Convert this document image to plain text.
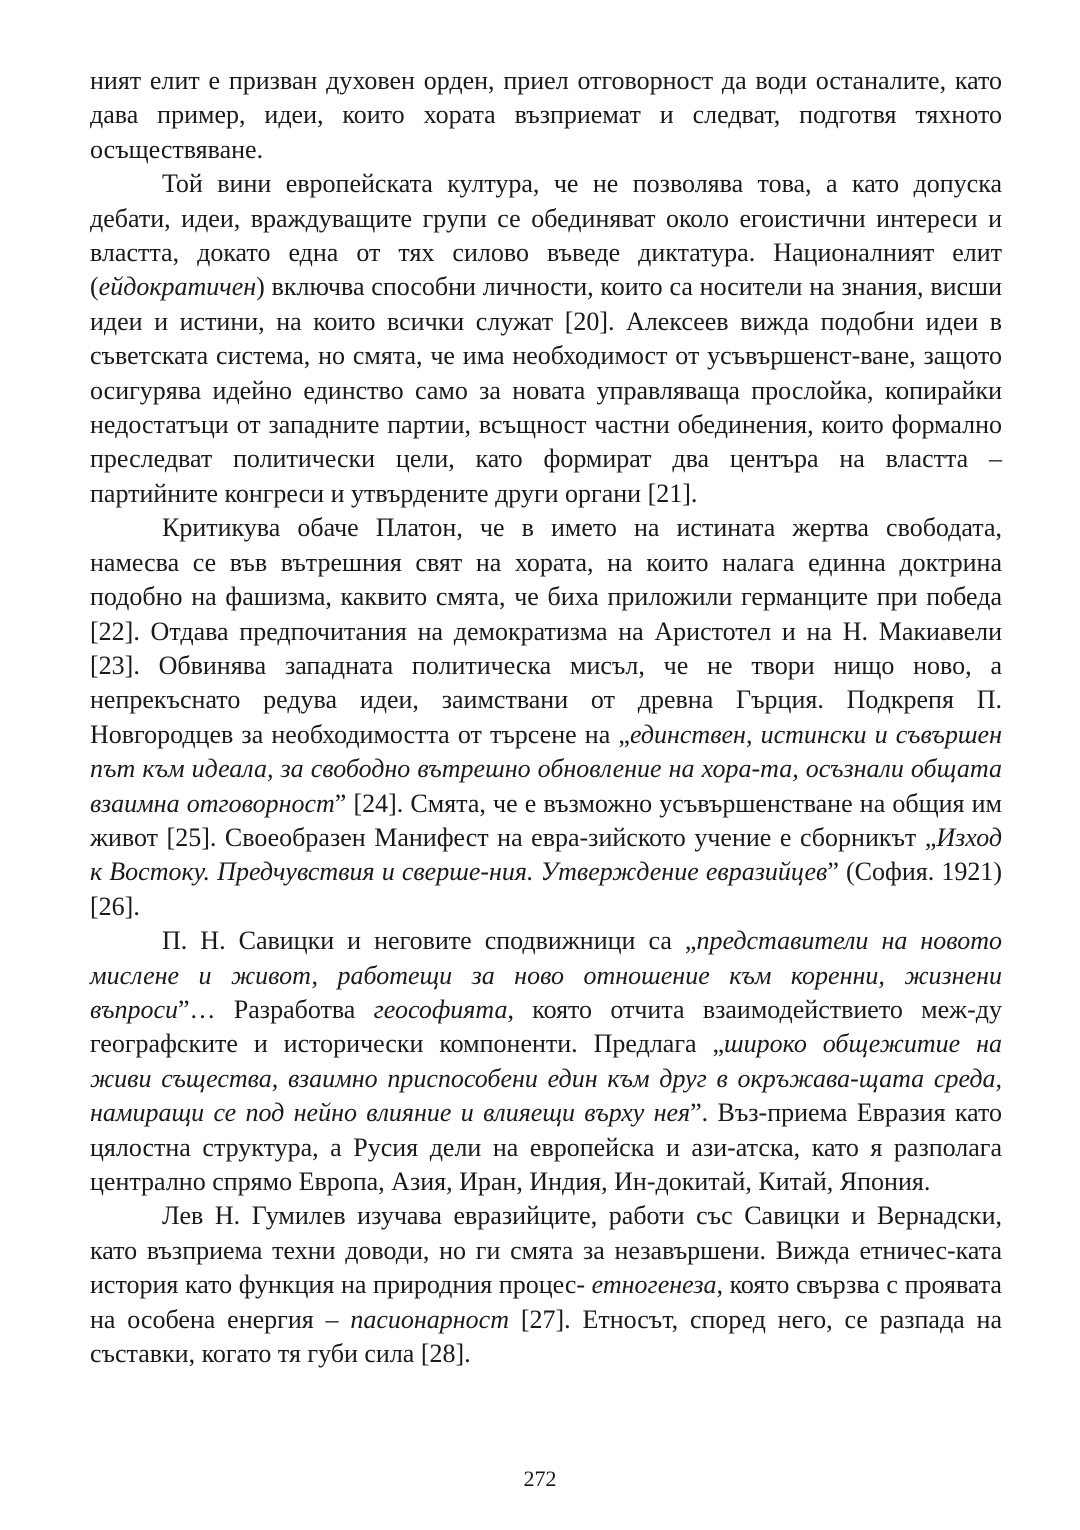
ният елит е призван духовен орден, приел отговорност да води останалите, като дава пример, идеи, които хората възприемат и следват, подготвя тяхното осъществяване.

Той вини европейската култура, че не позволява това, а като допуска дебати, идеи, враждуващите групи се обединяват около егоистични интереси и властта, докато една от тях силово въведе диктатура. Националният елит (ейдократичен) включва способни личности, които са носители на знания, висши идеи и истини, на които всички служат [20]. Алексеев вижда подобни идеи в съветската система, но смята, че има необходимост от усъвършенст-ване, защото осигурява идейно единство само за новата управляваща прослойка, копирайки недостатъци от западните партии, всъщност частни обединения, които формално преследват политически цели, като формират два центъра на властта – партийните конгреси и утвърдените други органи [21].

Критикува обаче Платон, че в името на истината жертва свободата, намесва се във вътрешния свят на хората, на които налага единна доктрина подобно на фашизма, каквито смята, че биха приложили германците при победа [22]. Отдава предпочитания на демократизма на Аристотел и на Н. Макиавели [23]. Обвинява западната политическа мисъл, че не твори нищо ново, а непрекъснато редува идеи, заимствани от древна Гърция. Подкрепя П. Новгородцев за необходимостта от търсене на „единствен, истински и съвършен път към идеала, за свободно вътрешно обновление на хора-та, осъзнали общата взаимна отговорност” [24]. Смята, че е възможно усъвършенстване на общия им живот [25]. Своеобразен Манифест на евра-зийското учение е сборникът „Изход к Востоку. Предчувствия и сверше-ния. Утверждение евразийцев” (София. 1921) [26].

П. Н. Савицки и неговите сподвижници са „представители на новото мислене и живот, работещи за ново отношение към коренни, жизнени въпроси”… Разработва геософията, която отчита взаимодействието меж-ду географските и исторически компоненти. Предлага „широко общежитие на живи същества, взаимно приспособени един към друг в окръжава-щата среда, намиращи се под нейно влияние и влияещи върху нея”. Въз-приема Евразия като цялостна структура, а Русия дели на европейска и ази-атска, като я разполага централно спрямо Европа, Азия, Иран, Индия, Ин-докитай, Китай, Япония.

Лев Н. Гумилев изучава евразийците, работи със Савицки и Вернадски, като възприема техни доводи, но ги смята за незавършени. Вижда етничес-ката история като функция на природния процес- етногенеза, която свързва с проявата на особена енергия – пасионарност [27]. Етносът, според него, се разпада на съставки, когато тя губи сила [28].

272
